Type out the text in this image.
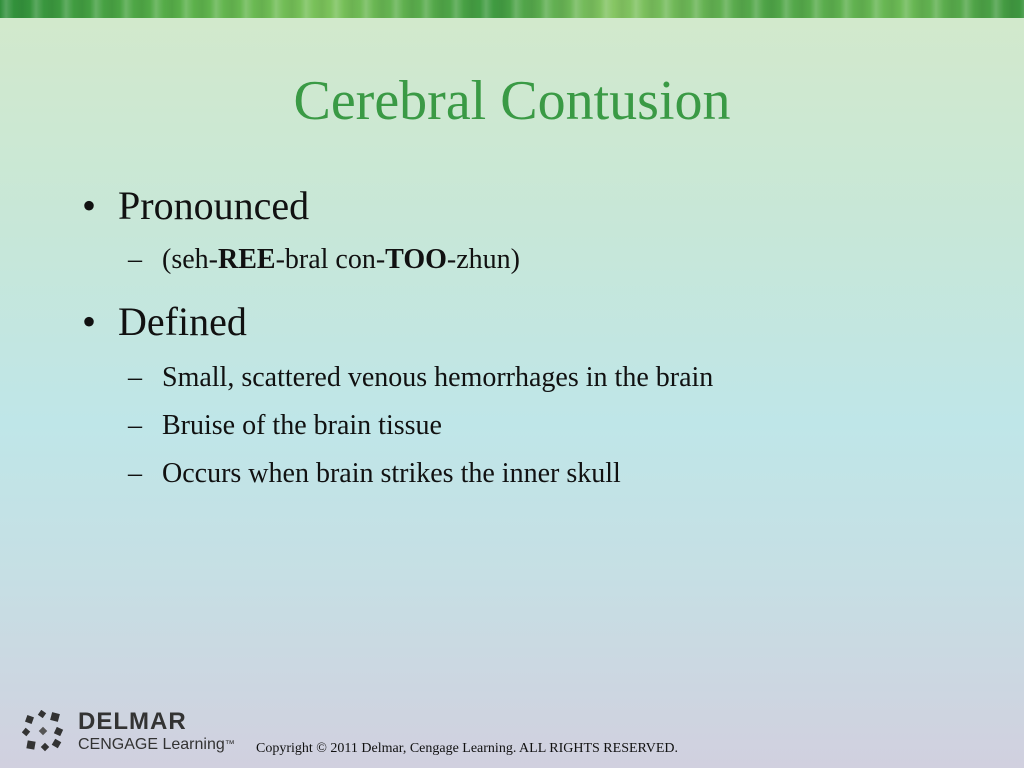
Cerebral Contusion
• Pronounced
– (seh-REE-bral con-TOO-zhun)
• Defined
– Small, scattered venous hemorrhages in the brain
– Bruise of the brain tissue
– Occurs when brain strikes the inner skull
DELMAR
CENGAGE Learning™ Copyright © 2011 Delmar, Cengage Learning. ALL RIGHTS RESERVED.
